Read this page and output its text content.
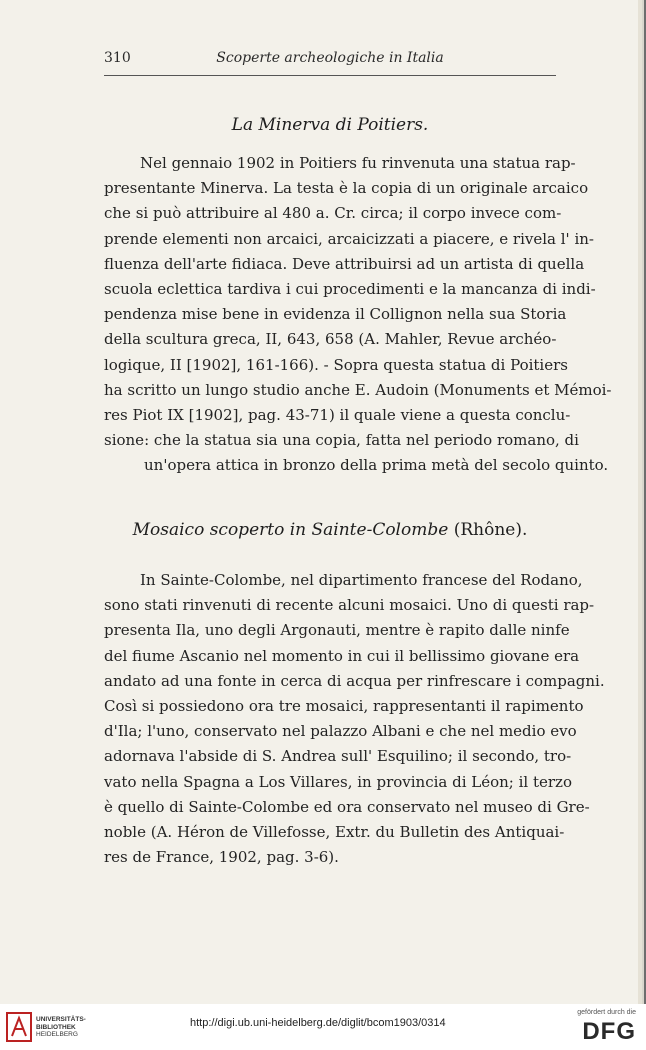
310	Scoperte archeologiche in Italia
La Minerva di Poitiers.
Nel gennaio 1902 in Poitiers fu rinvenuta una statua rap-
presentante Minerva. La testa è la copia di un originale arcaico
che si può attribuire al 480 a. Cr. circa; il corpo invece com-
prende elementi non arcaici, arcaicizzati a piacere, e rivela l' in-
fluenza dell'arte fidiaca. Deve attribuirsi ad un artista di quella
scuola eclettica tardiva i cui procedimenti e la mancanza di indi-
pendenza mise bene in evidenza il Collignon nella sua Storia
della scultura greca, II, 643, 658 (A. Mahler, Revue archéo-
logique, II [1902], 161-166). - Sopra questa statua di Poitiers
ha scritto un lungo studio anche E. Audoin (Monuments et Mémoi-
res Piot IX [1902], pag. 43-71) il quale viene a questa conclu-
sione: che la statua sia una copia, fatta nel periodo romano, di
un'opera attica in bronzo della prima metà del secolo quinto.
Mosaico scoperto in Sainte-Colombe (Rhône).
In Sainte-Colombe, nel dipartimento francese del Rodano,
sono stati rinvenuti di recente alcuni mosaici. Uno di questi rap-
presenta Ila, uno degli Argonauti, mentre è rapito dalle ninfe
del fiume Ascanio nel momento in cui il bellissimo giovane era
andato ad una fonte in cerca di acqua per rinfrescare i compagni.
Così si possiedono ora tre mosaici, rappresentanti il rapimento
d'Ila; l'uno, conservato nel palazzo Albani e che nel medio evo
adornava l'abside di S. Andrea sull' Esquilino; il secondo, tro-
vato nella Spagna a Los Villares, in provincia di Léon; il terzo
è quello di Sainte-Colombe ed ora conservato nel museo di Gre-
noble (A. Héron de Villefosse, Extr. du Bulletin des Antiquai-
res de France, 1902, pag. 3-6).
UNIVERSITÄTS-
BIBLIOTHEK
HEIDELBERG
http://digi.ub.uni-heidelberg.de/diglit/bcom1903/0314
gefördert durch die
DFG
